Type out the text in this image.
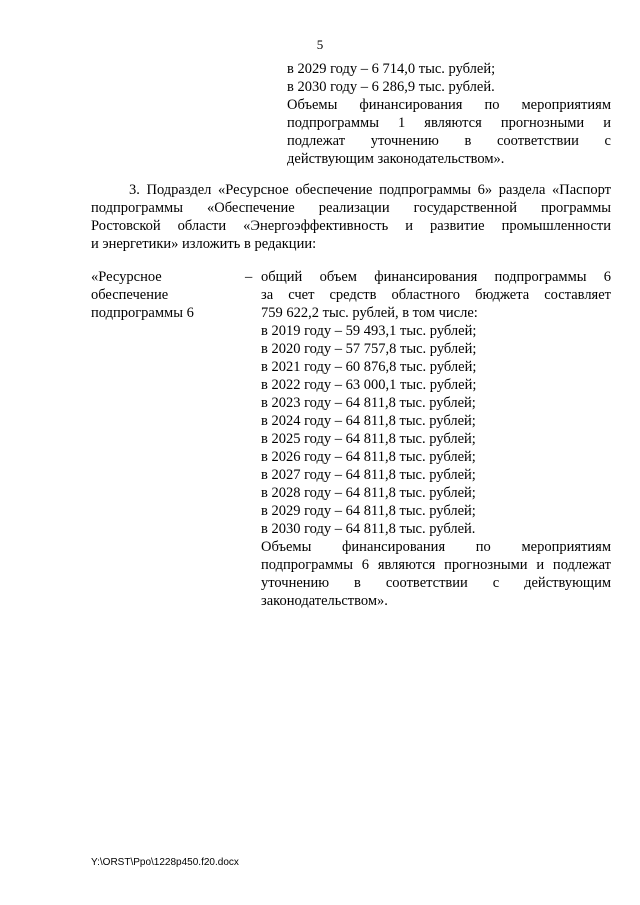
5
в 2029 году – 6 714,0 тыс. рублей;
в 2030 году – 6 286,9 тыс. рублей.
Объемы финансирования по мероприятиям
подпрограммы 1 являются прогнозными и
подлежат уточнению в соответствии с
действующим законодательством».
3. Подраздел «Ресурсное обеспечение подпрограммы 6» раздела «Паспорт
подпрограммы «Обеспечение реализации государственной программы
Ростовской области «Энергоэффективность и развитие промышленности
и энергетики» изложить в редакции:
«Ресурсное
обеспечение
подпрограммы 6
– общий объем финансирования подпрограммы 6
за счет средств областного бюджета составляет
759 622,2 тыс. рублей, в том числе:
в 2019 году – 59 493,1 тыс. рублей;
в 2020 году – 57 757,8 тыс. рублей;
в 2021 году – 60 876,8 тыс. рублей;
в 2022 году – 63 000,1 тыс. рублей;
в 2023 году – 64 811,8 тыс. рублей;
в 2024 году – 64 811,8 тыс. рублей;
в 2025 году – 64 811,8 тыс. рублей;
в 2026 году – 64 811,8 тыс. рублей;
в 2027 году – 64 811,8 тыс. рублей;
в 2028 году – 64 811,8 тыс. рублей;
в 2029 году – 64 811,8 тыс. рублей;
в 2030 году – 64 811,8 тыс. рублей.
Объемы финансирования по мероприятиям
подпрограммы 6 являются прогнозными и подлежат
уточнению в соответствии с действующим
законодательством».
Y:\ORST\Ppo\1228p450.f20.docx
